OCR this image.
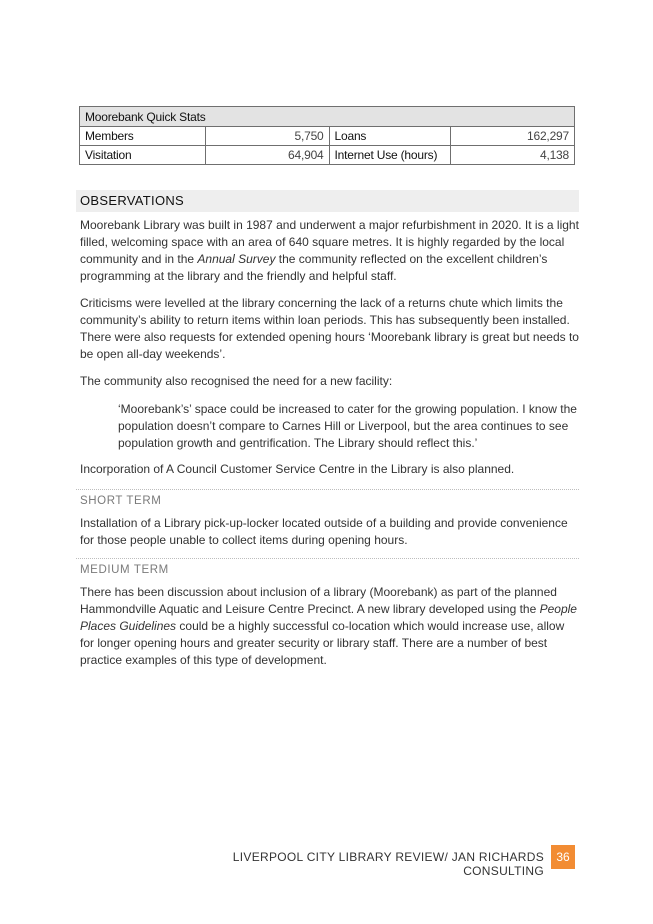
Moorebank Quick Stats			
Members	5,750	Loans	162,297
Visitation	64,904	Internet Use (hours)	4,138
OBSERVATIONS

Moorebank Library was built in 1987 and underwent a major refurbishment in 2020. It is a light filled, welcoming space with an area of 640 square metres. It is highly regarded by the local community and in the Annual Survey the community reflected on the excellent children’s programming at the library and the friendly and helpful staff.

Criticisms were levelled at the library concerning the lack of a returns chute which limits the community’s ability to return items within loan periods. This has subsequently been installed. There were also requests for extended opening hours ‘Moorebank library is great but needs to be open all-day weekends’.

The community also recognised the need for a new facility:

‘Moorebank’s’ space could be increased to cater for the growing population. I know the population doesn’t compare to Carnes Hill or Liverpool, but the area continues to see population growth and gentrification. The Library should reflect this.’

Incorporation of A Council Customer Service Centre in the Library is also planned.

SHORT TERM

Installation of a Library pick-up-locker located outside of a building and provide convenience for those people unable to collect items during opening hours.

MEDIUM TERM

There has been discussion about inclusion of a library (Moorebank) as part of the planned Hammondville Aquatic and Leisure Centre Precinct. A new library developed using the People Places Guidelines could be a highly successful co-location which would increase use, allow for longer opening hours and greater security or library staff. There are a number of best practice examples of this type of development.

LIVERPOOL CITY LIBRARY REVIEW/ JAN RICHARDS CONSULTING
36
